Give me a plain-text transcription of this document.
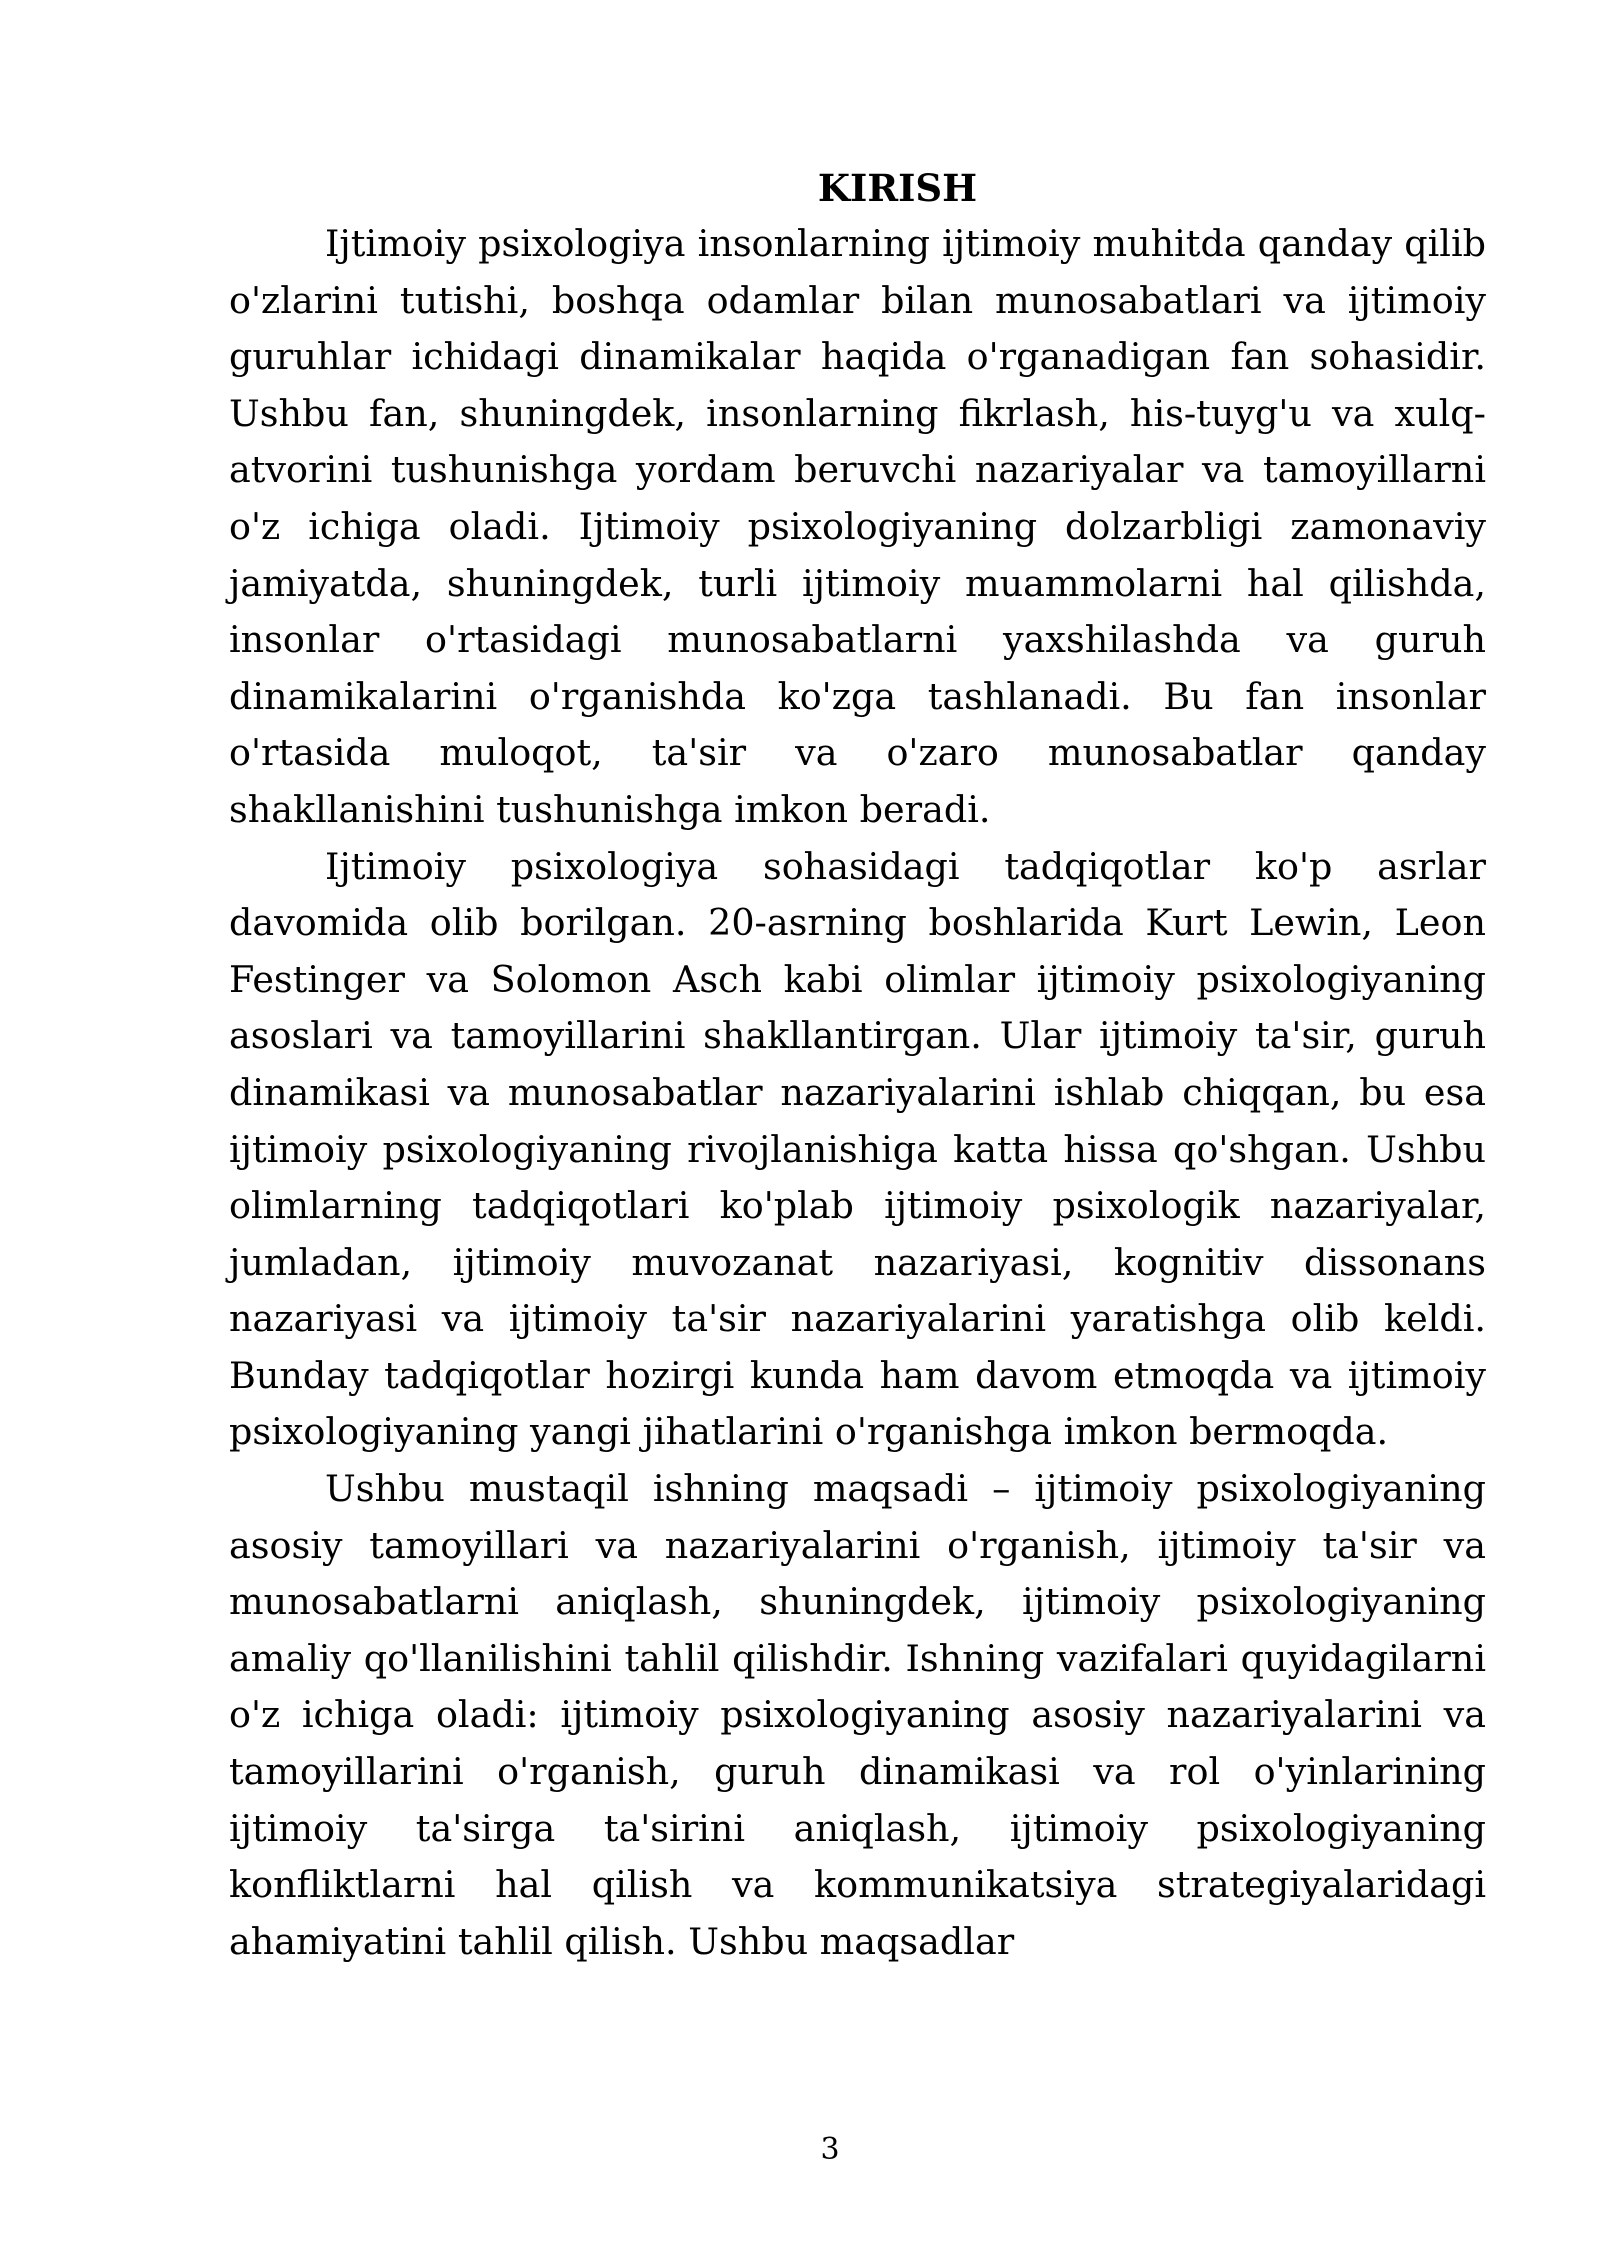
KIRISH

Ijtimoiy psixologiya insonlarning ijtimoiy muhitda qanday qilib o'zlarini tutishi, boshqa odamlar bilan munosabatlari va ijtimoiy guruhlar ichidagi dinamikalar haqida o'rganadigan fan sohasidir. Ushbu fan, shuningdek, insonlarning fikrlash, his-tuyg'u va xulq-atvorini tushunishga yordam beruvchi nazariyalar va tamoyillarni o'z ichiga oladi. Ijtimoiy psixologiyaning dolzarbligi zamonaviy jamiyatda, shuningdek, turli ijtimoiy muammolarni hal qilishda, insonlar o'rtasidagi munosabatlarni yaxshilashda va guruh dinamikalarini o'rganishda ko'zga tashlanadi. Bu fan insonlar o'rtasida muloqot, ta'sir va o'zaro munosabatlar qanday shakllanishini tushunishga imkon beradi.

Ijtimoiy psixologiya sohasidagi tadqiqotlar ko'p asrlar davomida olib borilgan. 20-asrning boshlarida Kurt Lewin, Leon Festinger va Solomon Asch kabi olimlar ijtimoiy psixologiyaning asoslari va tamoyillarini shakllantirgan. Ular ijtimoiy ta'sir, guruh dinamikasi va munosabatlar nazariyalarini ishlab chiqqan, bu esa ijtimoiy psixologiyaning rivojlanishiga katta hissa qo'shgan. Ushbu olimlarning tadqiqotlari ko'plab ijtimoiy psixologik nazariyalar, jumladan, ijtimoiy muvozanat nazariyasi, kognitiv dissonans nazariyasi va ijtimoiy ta'sir nazariyalarini yaratishga olib keldi. Bunday tadqiqotlar hozirgi kunda ham davom etmoqda va ijtimoiy psixologiyaning yangi jihatlarini o'rganishga imkon bermoqda.

Ushbu mustaqil ishning maqsadi – ijtimoiy psixologiyaning asosiy tamoyillari va nazariyalarini o'rganish, ijtimoiy ta'sir va munosabatlarni aniqlash, shuningdek, ijtimoiy psixologiyaning amaliy qo'llanilishini tahlil qilishdir. Ishning vazifalari quyidagilarni o'z ichiga oladi: ijtimoiy psixologiyaning asosiy nazariyalarini va tamoyillarini o'rganish, guruh dinamikasi va rol o'yinlarining ijtimoiy ta'sirga ta'sirini aniqlash, ijtimoiy psixologiyaning konfliktlarni hal qilish va kommunikatsiya strategiyalaridagi ahamiyatini tahlil qilish. Ushbu maqsadlar

3
